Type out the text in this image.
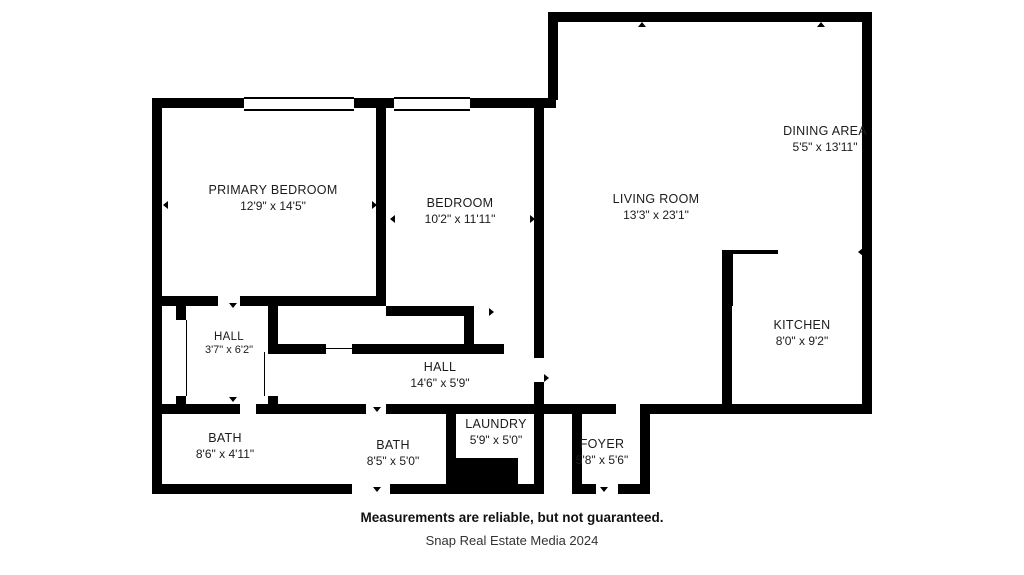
PRIMARY BEDROOM
12'9" x 14'5"	BEDROOM
10'2" x 11'11"
LIVING ROOM
13'3" x 23'1"
DINING AREA
5'5" x 13'11"
KITCHEN
8'0" x 9'2"
HALL
3'7" x 6'2"
HALL
14'6" x 5'9"
BATH
8'6" x 4'11"
BATH
8'5" x 5'0"
LAUNDRY
5'9" x 5'0"	FOYER
5'8" x 5'6"
Measurements are reliable, but not guaranteed.
Snap Real Estate Media 2024
